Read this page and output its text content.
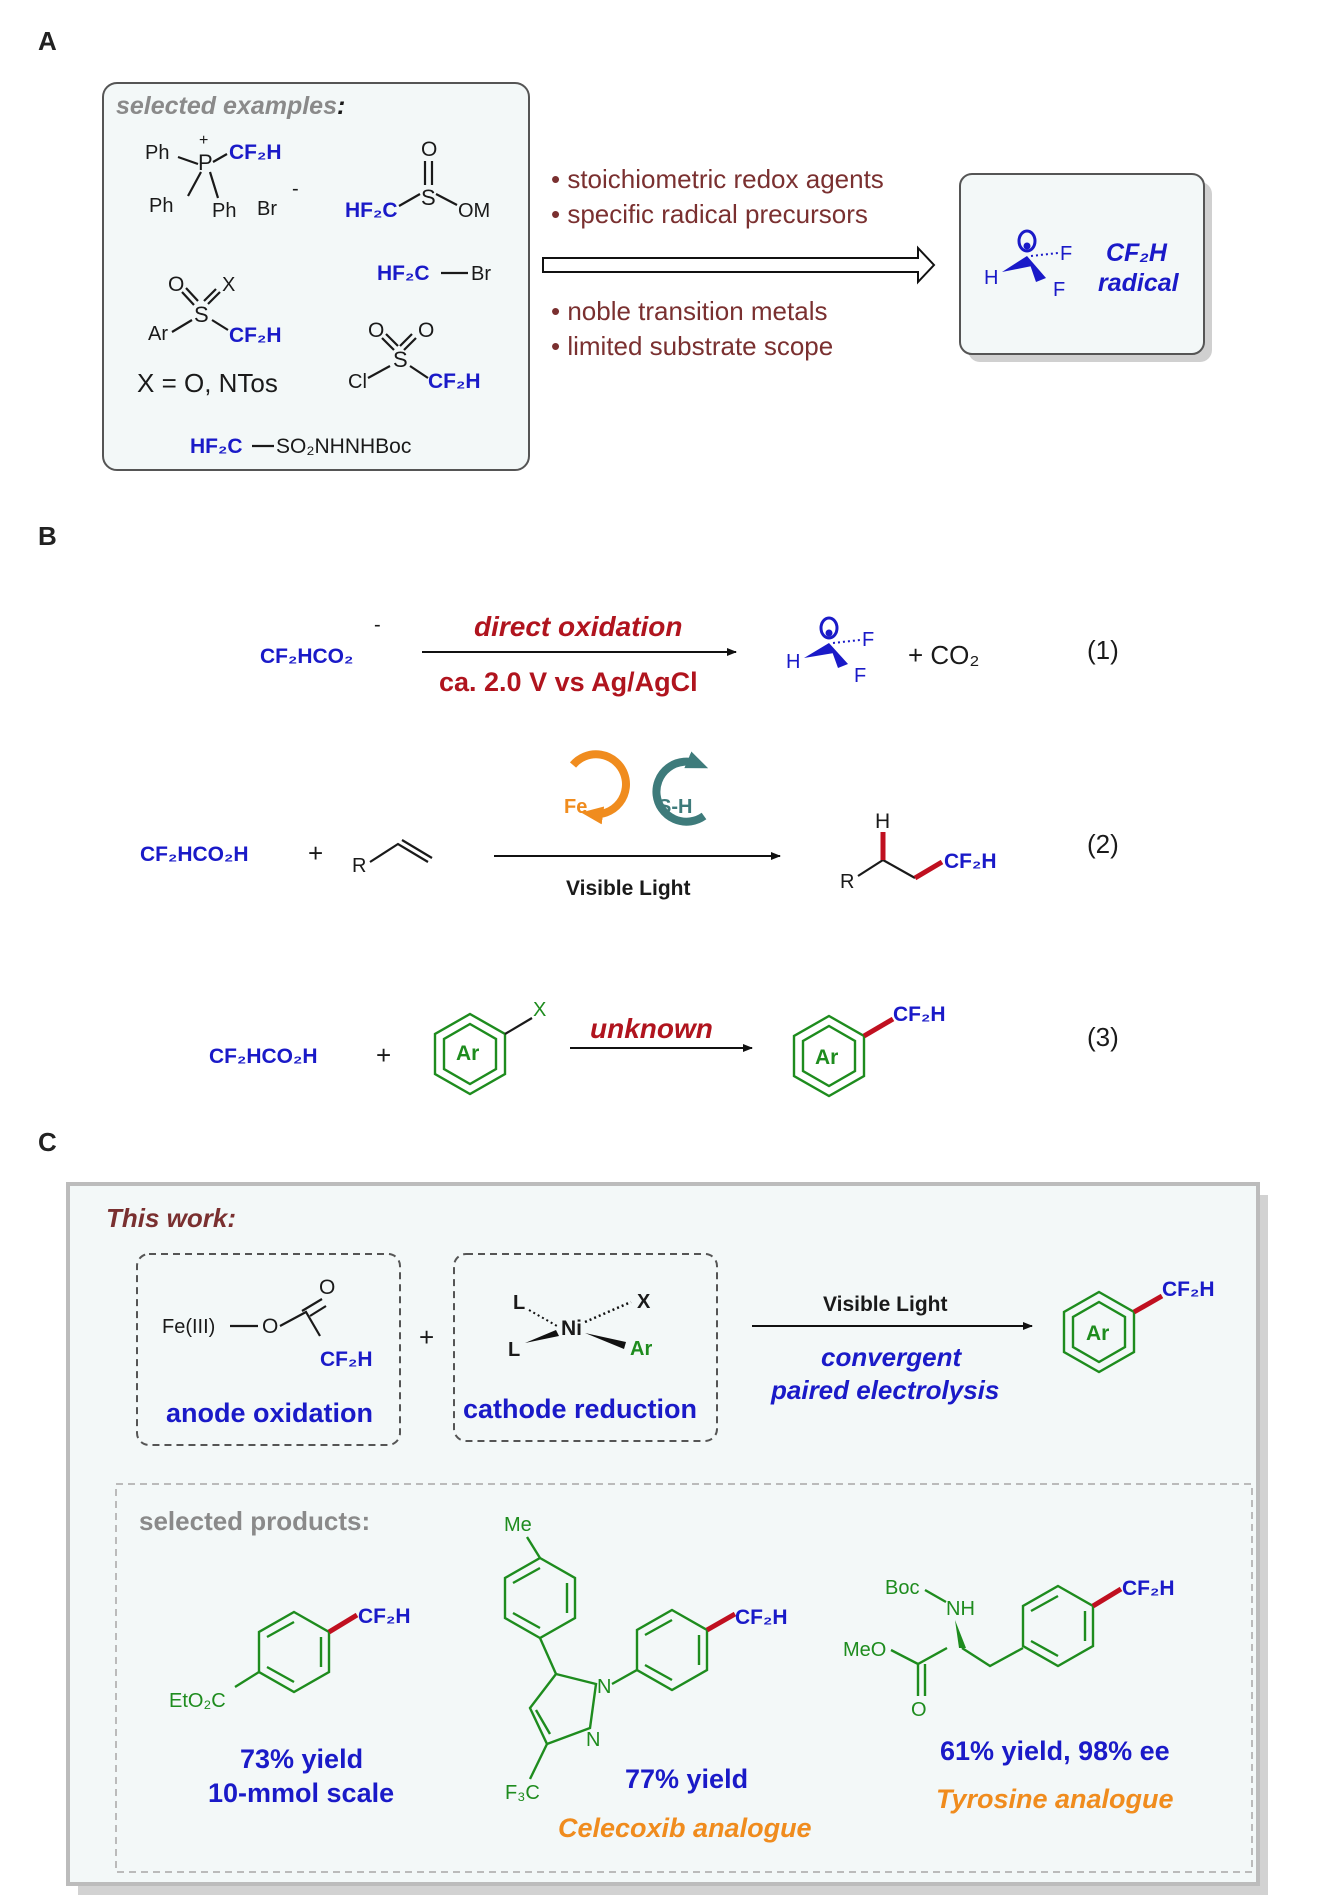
A
selected examples:
Ph
+
P CF₂H
Ph Ph Br
-
O
S
HF₂C	OM
O X
S
Ar	CF₂H
X = O, NTos
HF₂C Br
O O
S
Cl	CF₂H
HF₂C SO₂NHNHBoc
• stoichiometric redox agents
• specific radical precursors
• noble transition metals
• limited substrate scope
H
F
F
CF₂H
radical
B
CF₂HCO₂
-	direct oxidation
ca. 2.0 V vs Ag/AgCl
H
F
F
+ CO₂	(1)
CF₂HCO₂H + R
Fe	S-H
Visible Light
H
R
CF₂H
(2)
CF₂HCO₂H +	Ar
X
unknown
Ar
CF₂H
(3)
C
This work:
Fe(III) O
O
CF₂H
anode oxidation
+
L
L
Ni
X
Ar
cathode reduction
Visible Light
convergent
paired electrolysis
Ar
CF₂H
selected products:
CF₂H
EtO₂C
73% yield
10-mmol scale
Me
N
N
F₃C
CF₂H
77% yield
Celecoxib analogue
Boc
NH
MeO
O
CF₂H
61% yield, 98% ee
Tyrosine analogue
